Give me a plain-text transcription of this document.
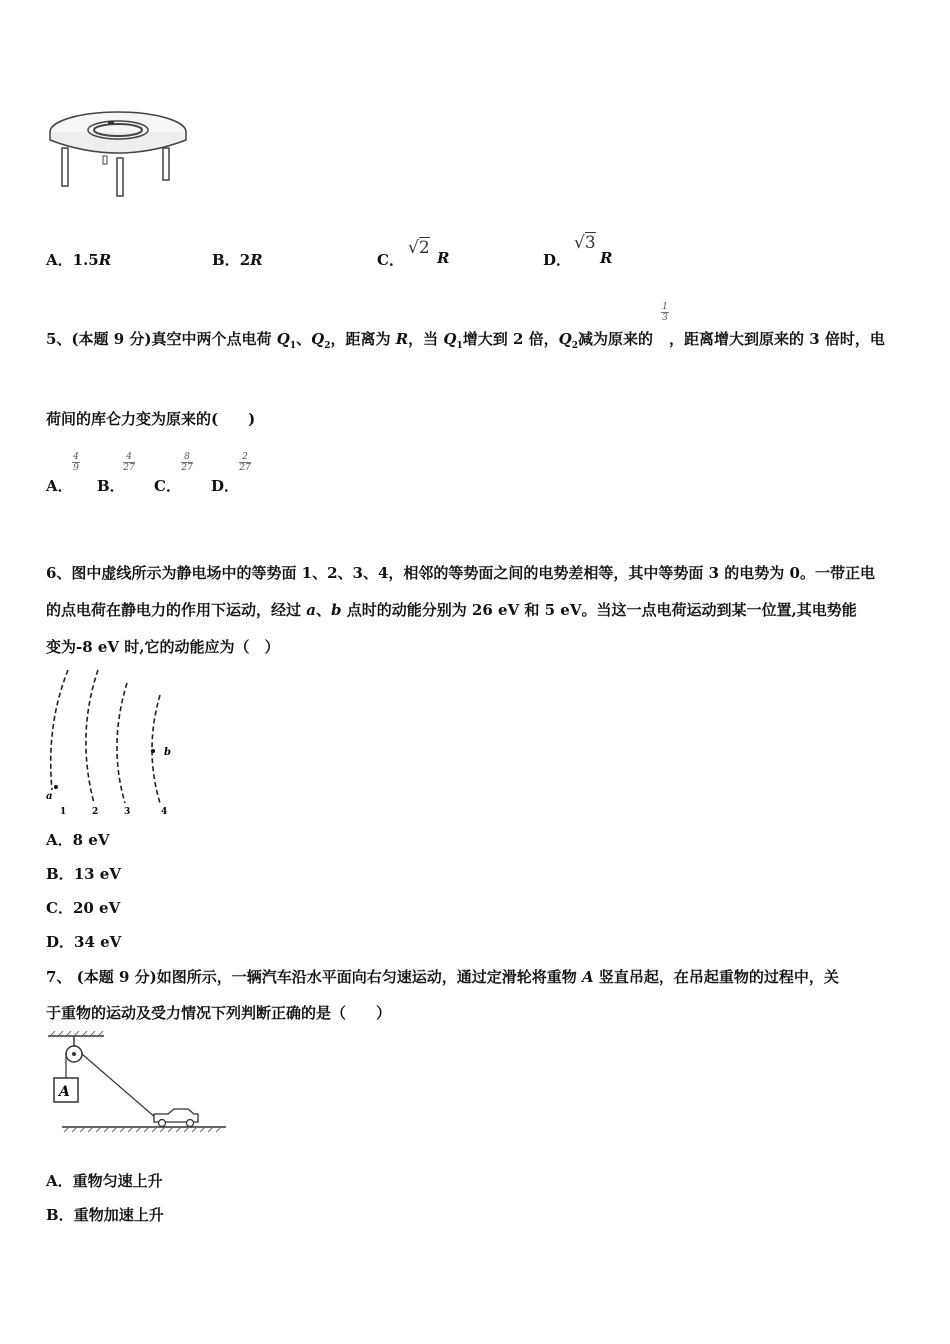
A．1.5R	B．2R	C．
√2 R	D．
√3
R
5、(本题 9 分)真空中两个点电荷 $Q_1$、$Q_2$，距离为 R，当 $Q_1$增大到 2 倍，$Q_2$减为原来的 ，距离增大到原来的 3 倍时，电
1
3
荷间的库仑力变为原来的(　　)
A．
4
9
B．
4
27
C．
8
27
D．
2
27
6、图中虚线所示为静电场中的等势面 1、2、3、4，相邻的等势面之间的电势差相等，其中等势面 3 的电势为 0。一带正电
的点电荷在静电力的作用下运动，经过 a、b 点时的动能分别为 26 eV 和 5 eV。当这一点电荷运动到某一位置,其电势能
变为-8 eV 时,它的动能应为（　）
a
b
1	2	3	4
A．8 eV
B．13 eV
C．20 eV
D．34 eV
7、 (本题 9 分)如图所示，一辆汽车沿水平面向右匀速运动，通过定滑轮将重物 A 竖直吊起，在吊起重物的过程中，关
于重物的运动及受力情况下列判断正确的是（　　）
A
A．重物匀速上升
B．重物加速上升
